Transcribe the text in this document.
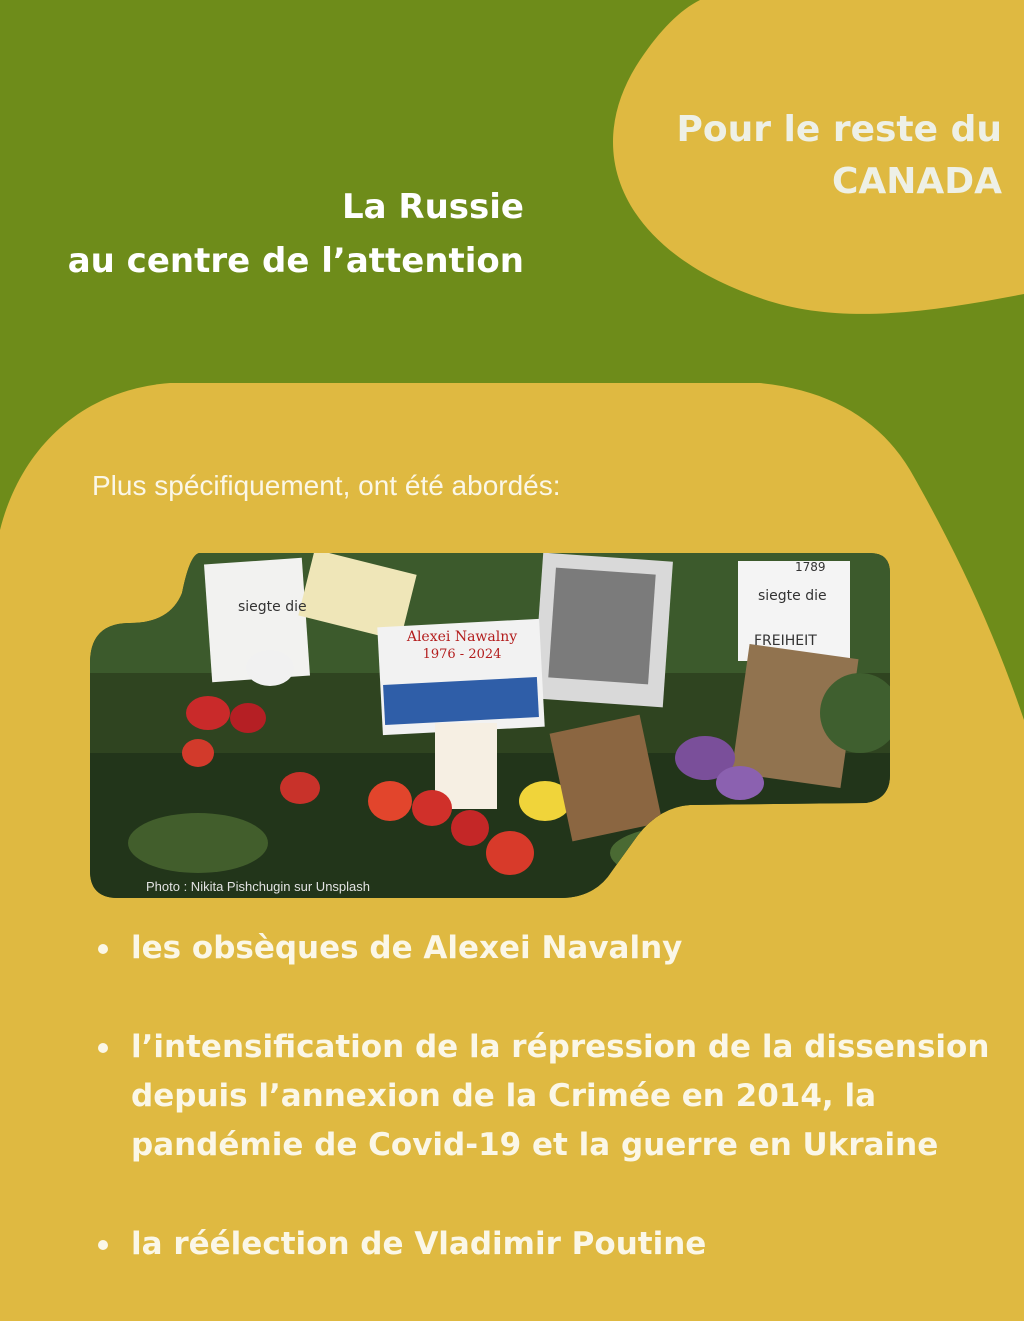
Pour le reste du
CANADA
La Russie
au centre de l’attention
Plus spécifiquement, ont été abordés:
Alexei Nawalny
1976 - 2024
siegte die
siegte die
FREIHEIT
1789
Photo : Nikita Pishchugin sur Unsplash
les obsèques de Alexei Navalny
l’intensification de la répression de la dissension depuis l’annexion de la Crimée en 2014, la pandémie de Covid-19 et la guerre en Ukraine
la réélection de Vladimir Poutine
